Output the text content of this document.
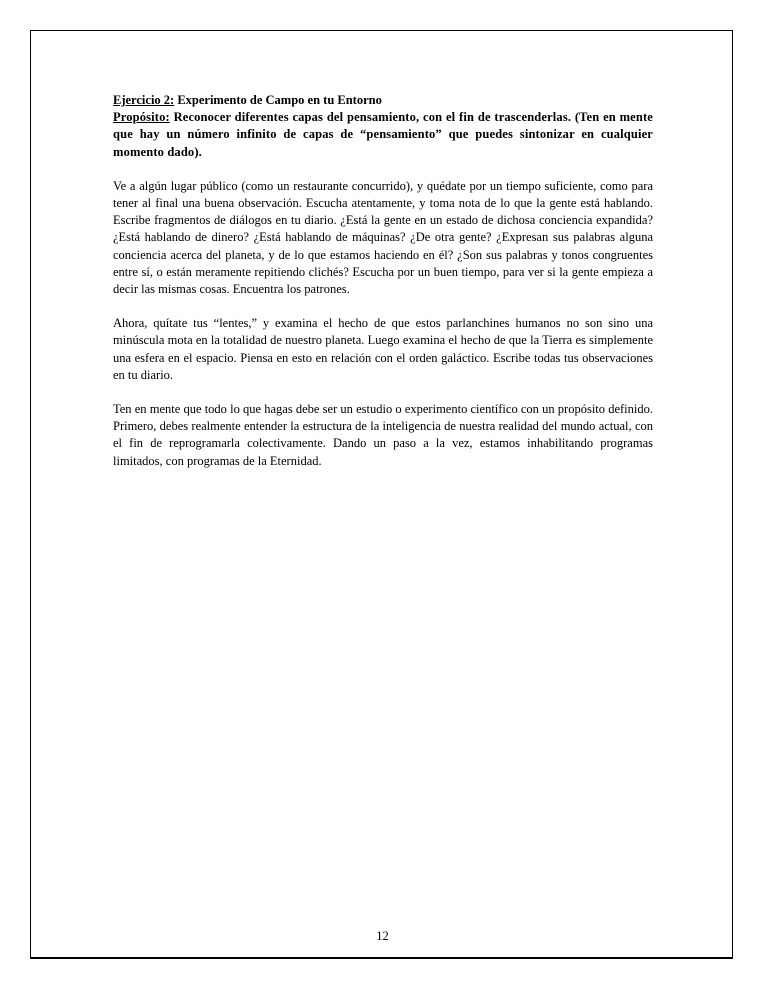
Ejercicio 2: Experimento de Campo en tu Entorno

Propósito: Reconocer diferentes capas del pensamiento, con el fin de trascenderlas. (Ten en mente que hay un número infinito de capas de “pensamiento” que puedes sintonizar en cualquier momento dado).

Ve a algún lugar público (como un restaurante concurrido), y quédate por un tiempo suficiente, como para tener al final una buena observación. Escucha atentamente, y toma nota de lo que la gente está hablando. Escribe fragmentos de diálogos en tu diario. ¿Está la gente en un estado de dichosa conciencia expandida? ¿Está hablando de dinero? ¿Está hablando de máquinas? ¿De otra gente? ¿Expresan sus palabras alguna conciencia acerca del planeta, y de lo que estamos haciendo en él? ¿Son sus palabras y tonos congruentes entre sí, o están meramente repitiendo clichés? Escucha por un buen tiempo, para ver si la gente empieza a decir las mismas cosas. Encuentra los patrones.

Ahora, quítate tus “lentes,” y examina el hecho de que estos parlanchines humanos no son sino una minúscula mota en la totalidad de nuestro planeta. Luego examina el hecho de que la Tierra es simplemente una esfera en el espacio. Piensa en esto en relación con el orden galáctico. Escribe todas tus observaciones en tu diario.

Ten en mente que todo lo que hagas debe ser un estudio o experimento científico con un propósito definido. Primero, debes realmente entender la estructura de la inteligencia de nuestra realidad del mundo actual, con el fin de reprogramarla colectivamente. Dando un paso a la vez, estamos inhabilitando programas limitados, con programas de la Eternidad.

12
